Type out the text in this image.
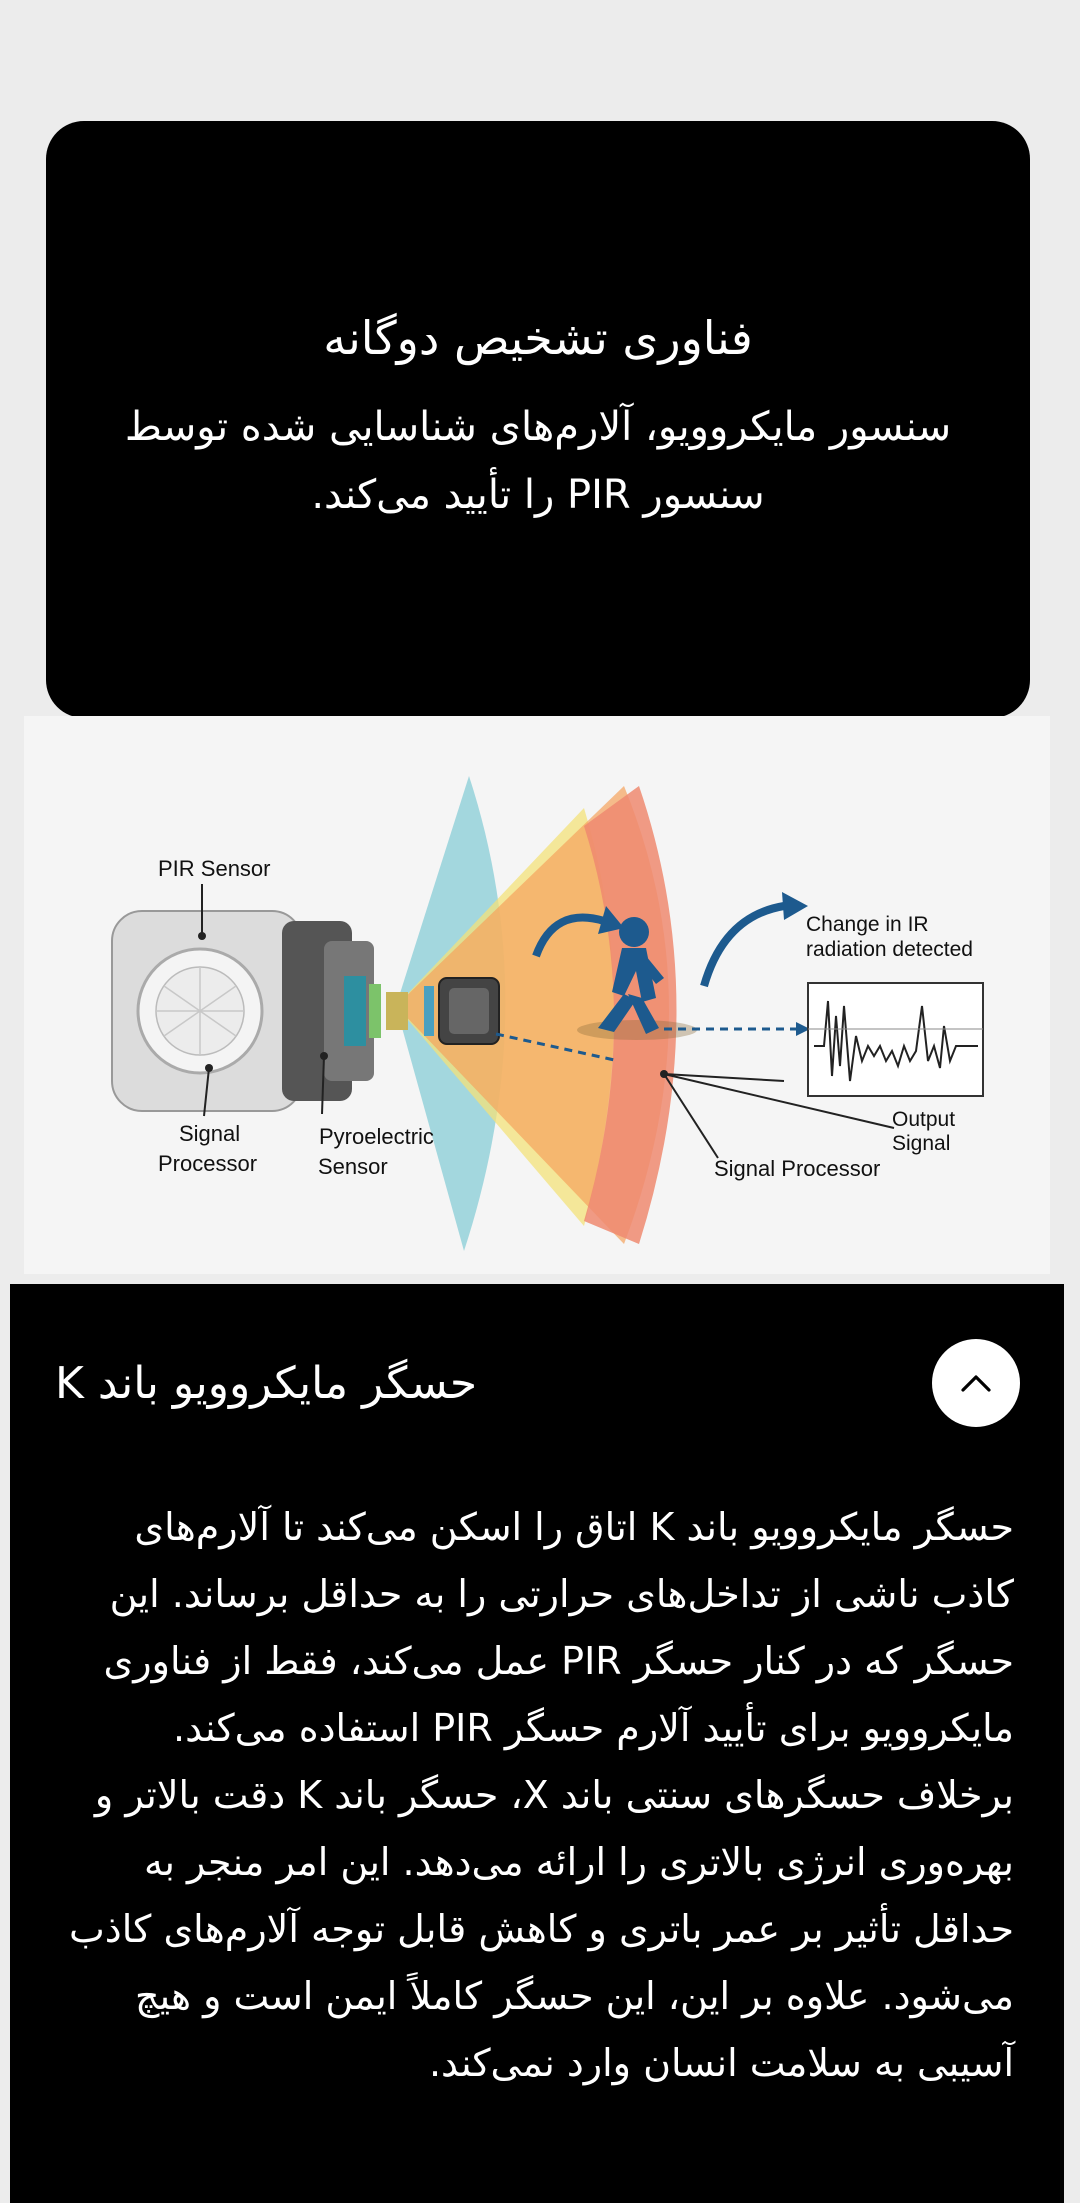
فناوری تشخیص دوگانه
سنسور مایکروویو، آلارم‌های شناسایی شده توسط سنسور PIR را تأیید می‌کند.
PIR Sensor
Signal
Processor
Pyroelectric
Sensor
Change in IR
radiation detected
Output
Signal
Signal Processor
حسگر مایکروویو باند K
حسگر مایکروویو باند K اتاق را اسکن می‌کند تا آلارم‌های کاذب ناشی از تداخل‌های حرارتی را به حداقل برساند. این حسگر که در کنار حسگر PIR عمل می‌کند، فقط از فناوری مایکروویو برای تأیید آلارم حسگر PIR استفاده می‌کند. برخلاف حسگرهای سنتی باند X، حسگر باند K دقت بالاتر و بهره‌وری انرژی بالاتری را ارائه می‌دهد. این امر منجر به حداقل تأثیر بر عمر باتری و کاهش قابل توجه آلارم‌های کاذب می‌شود. علاوه بر این، این حسگر کاملاً ایمن است و هیچ آسیبی به سلامت انسان وارد نمی‌کند.
